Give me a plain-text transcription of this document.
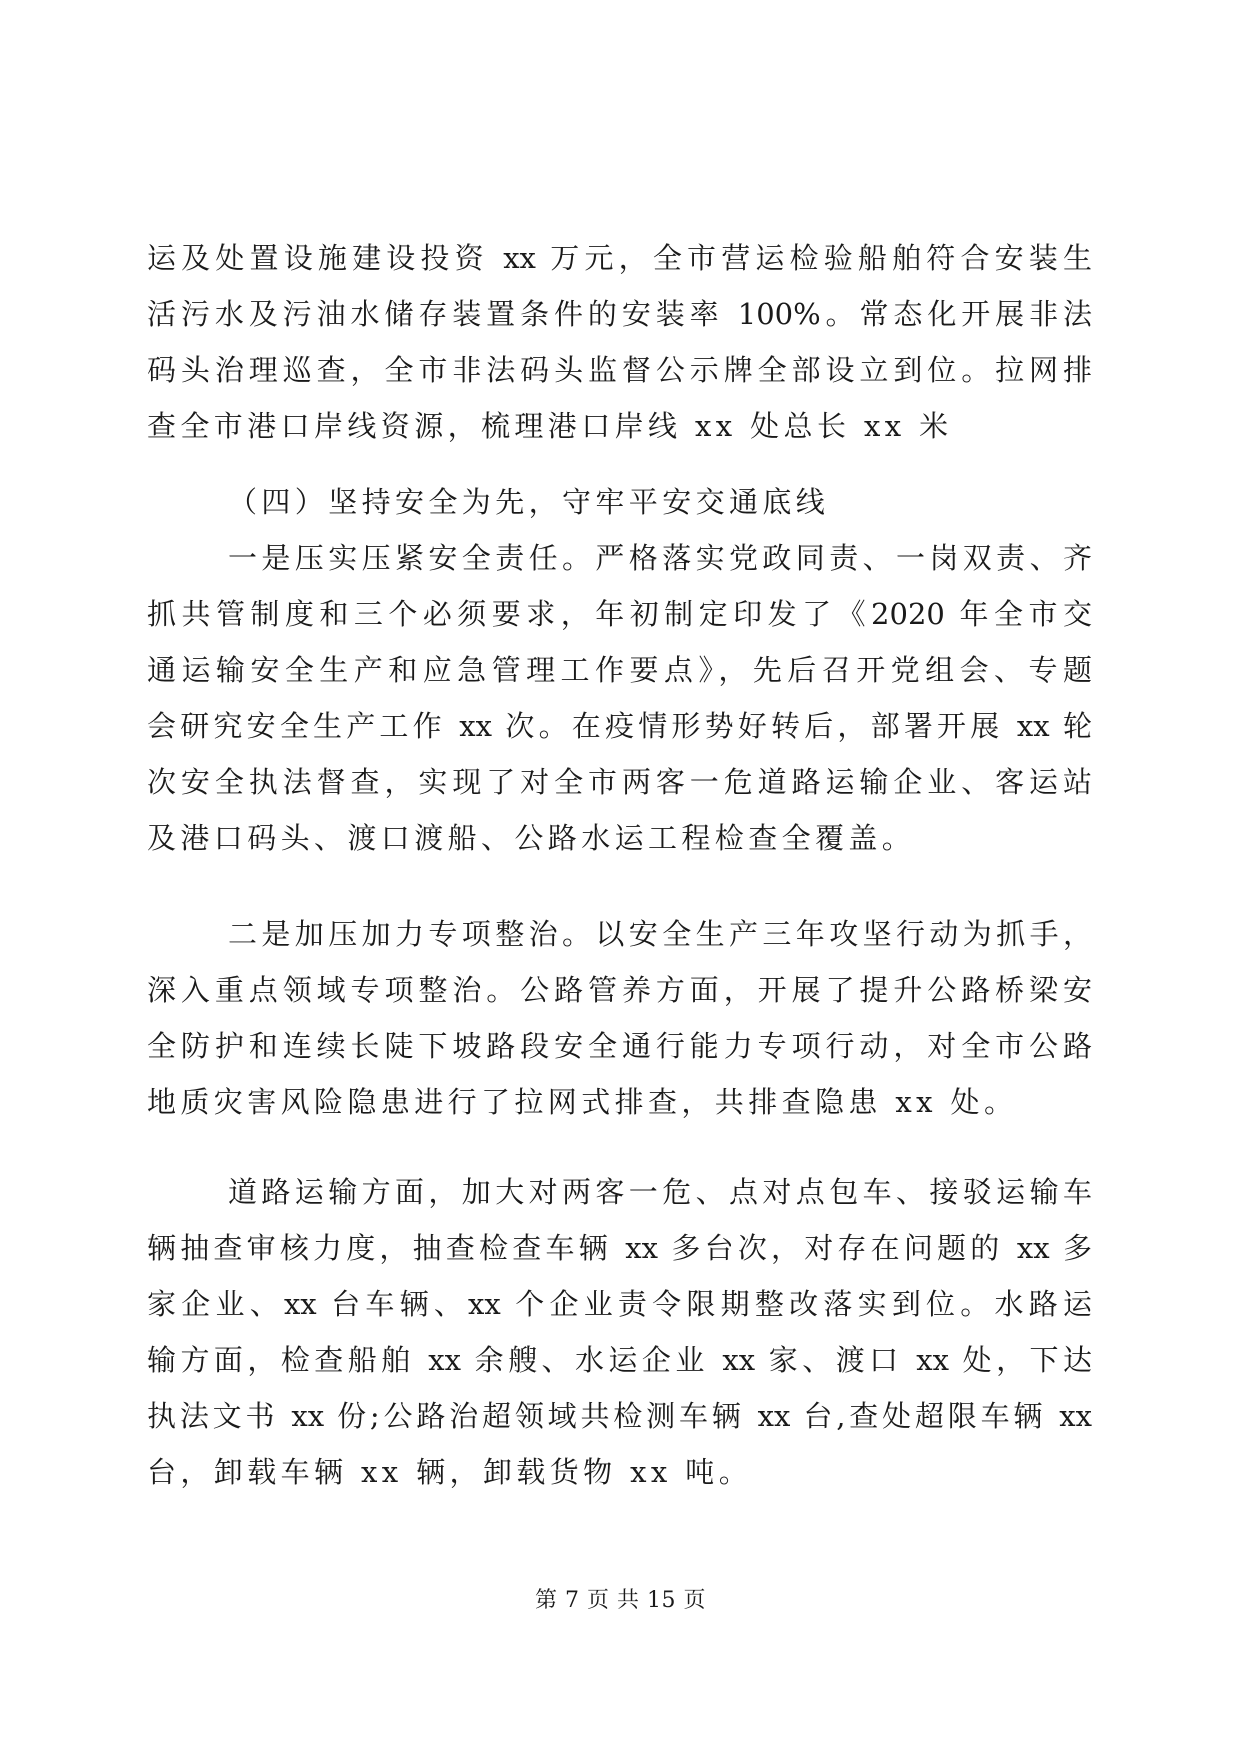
运及处置设施建设投资 xx 万元，全市营运检验船舶符合安装生
活污水及污油水储存装置条件的安装率 100%。常态化开展非法
码头治理巡查，全市非法码头监督公示牌全部设立到位。拉网排
查全市港口岸线资源，梳理港口岸线 xx 处总长 xx 米
（四）坚持安全为先，守牢平安交通底线
一是压实压紧安全责任。严格落实党政同责、一岗双责、齐
抓共管制度和三个必须要求，年初制定印发了《2020 年全市交
通运输安全生产和应急管理工作要点》，先后召开党组会、专题
会研究安全生产工作 xx 次。在疫情形势好转后，部署开展 xx 轮
次安全执法督查，实现了对全市两客一危道路运输企业、客运站
及港口码头、渡口渡船、公路水运工程检查全覆盖。
二是加压加力专项整治。以安全生产三年攻坚行动为抓手，
深入重点领域专项整治。公路管养方面，开展了提升公路桥梁安
全防护和连续长陡下坡路段安全通行能力专项行动，对全市公路
地质灾害风险隐患进行了拉网式排查，共排查隐患 xx 处。
道路运输方面，加大对两客一危、点对点包车、接驳运输车
辆抽查审核力度，抽查检查车辆 xx 多台次，对存在问题的 xx 多
家企业、xx 台车辆、xx 个企业责令限期整改落实到位。水路运
输方面，检查船舶 xx 余艘、水运企业 xx 家、渡口 xx 处，下达
执法文书 xx 份;公路治超领域共检测车辆 xx 台,查处超限车辆 xx
台，卸载车辆 xx 辆，卸载货物 xx 吨。
第 7 页 共 15 页
